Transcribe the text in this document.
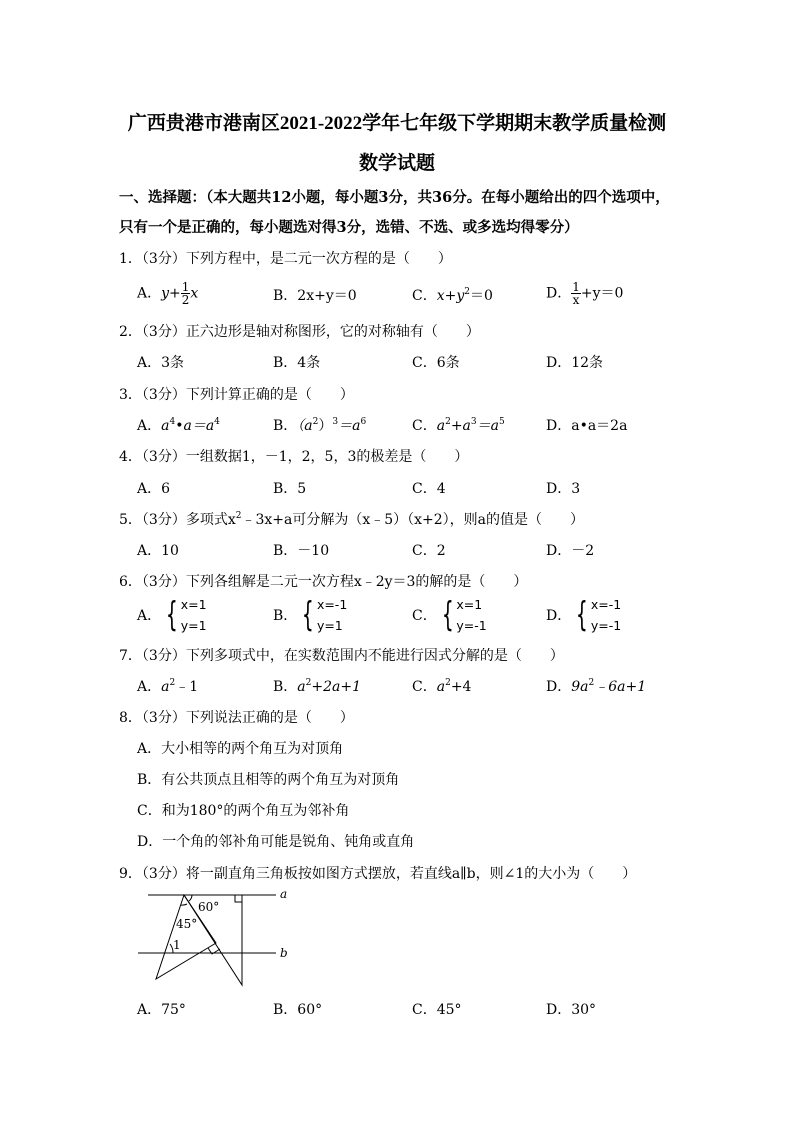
广西贵港市港南区2021-2022学年七年级下学期期末教学质量检测
数学试题
一、选择题：（本大题共12小题，每小题3分，共36分。在每小题给出的四个选项中，
只有一个是正确的，每小题选对得3分，选错、不选、或多选均得零分）
1．（3分）下列方程中，是二元一次方程的是（　　）
A．$y+ \frac{1}{2}$ x	B．2x+y＝0	C．$x+y^2=0$	D． $\frac{1}{x} +y=0$
2．（3分）正六边形是轴对称图形，它的对称轴有（　　）
A．3条	B．4条	C．6条	D．12条
3．（3分）下列计算正确的是（　　）
A．$a^4•a=a^4$	B．$(a^2)^3=a^6$	C．$a^2+a^3=a^5$	D．a•a＝2a
4．（3分）一组数据1，－1，2，5，3的极差是（　　）
A．6	B．5	C．4	D．3
5．（3分）多项式$x^2﹣3x+a$可分解为（x﹣5）（x+2），则a的值是（　　）
A．10	B．－10	C．2	D．－2
6．（3分）下列各组解是二元一次方程x﹣2y＝3的解的是（　　）
A． { x=1
y=1
B． { x=-1
y=1
C． { x=1
y=-1
D． { x=-1
y=-1
7．（3分）下列多项式中，在实数范围内不能进行因式分解的是（　　）
A．$a^2﹣1$	B．$a^2+2a+1$	C．$a^2+4$	D．$9a^2﹣6a+1$
8．（3分）下列说法正确的是（　　）
A．大小相等的两个角互为对顶角
B．有公共顶点且相等的两个角互为对顶角
C．和为180°的两个角互为邻补角
D．一个角的邻补角可能是锐角、钝角或直角
9．（3分）将一副直角三角板按如图方式摆放，若直线a∥b，则∠1的大小为（　　）
60°
45°
1
a
b
A．75°	B．60°	C．45°	D．30°
